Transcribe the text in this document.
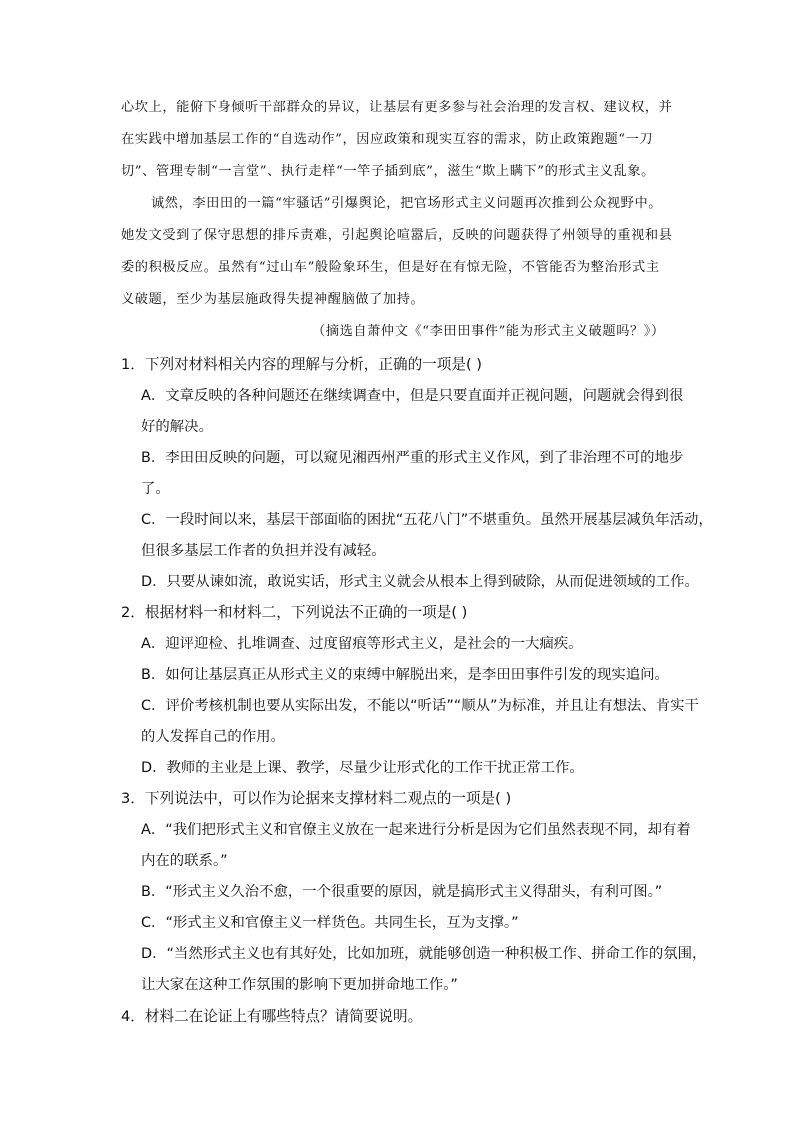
心坎上，能俯下身倾听干部群众的异议，让基层有更多参与社会治理的发言权、建议权，并
在实践中增加基层工作的“自选动作”，因应政策和现实互容的需求，防止政策跑题“一刀
切”、管理专制“一言堂”、执行走样“一竿子插到底”，滋生“欺上瞒下”的形式主义乱象。
诚然，李田田的一篇“牢骚话”引爆舆论，把官场形式主义问题再次推到公众视野中。
她发文受到了保守思想的排斥责难，引起舆论喧嚣后，反映的问题获得了州领导的重视和县
委的积极反应。虽然有“过山车”般险象环生，但是好在有惊无险，不管能否为整治形式主
义破题，至少为基层施政得失提神醒脑做了加持。
（摘选自萧仲文《“李田田事件”能为形式主义破题吗？》）
1．下列对材料相关内容的理解与分析，正确的一项是( )
A．文章反映的各种问题还在继续调查中，但是只要直面并正视问题，问题就会得到很
好的解决。
B．李田田反映的问题，可以窥见湘西州严重的形式主义作风，到了非治理不可的地步
了。
C．一段时间以来，基层干部面临的困扰“五花八门”不堪重负。虽然开展基层减负年活动，
但很多基层工作者的负担并没有减轻。
D．只要从谏如流，敢说实话，形式主义就会从根本上得到破除，从而促进领域的工作。
2．根据材料一和材料二，下列说法不正确的一项是( )
A．迎评迎检、扎堆调查、过度留痕等形式主义，是社会的一大痼疾。
B．如何让基层真正从形式主义的束缚中解脱出来，是李田田事件引发的现实追问。
C．评价考核机制也要从实际出发，不能以“听话”“顺从”为标准，并且让有想法、肯实干
的人发挥自己的作用。
D．教师的主业是上课、教学，尽量少让形式化的工作干扰正常工作。
3．下列说法中，可以作为论据来支撑材料二观点的一项是( )
A．“我们把形式主义和官僚主义放在一起来进行分析是因为它们虽然表现不同，却有着
内在的联系。”
B．“形式主义久治不愈，一个很重要的原因，就是搞形式主义得甜头，有利可图。”
C．“形式主义和官僚主义一样货色。共同生长，互为支撑。”
D．“当然形式主义也有其好处，比如加班，就能够创造一种积极工作、拼命工作的氛围，
让大家在这种工作氛围的影响下更加拼命地工作。”
4．材料二在论证上有哪些特点？请简要说明。
